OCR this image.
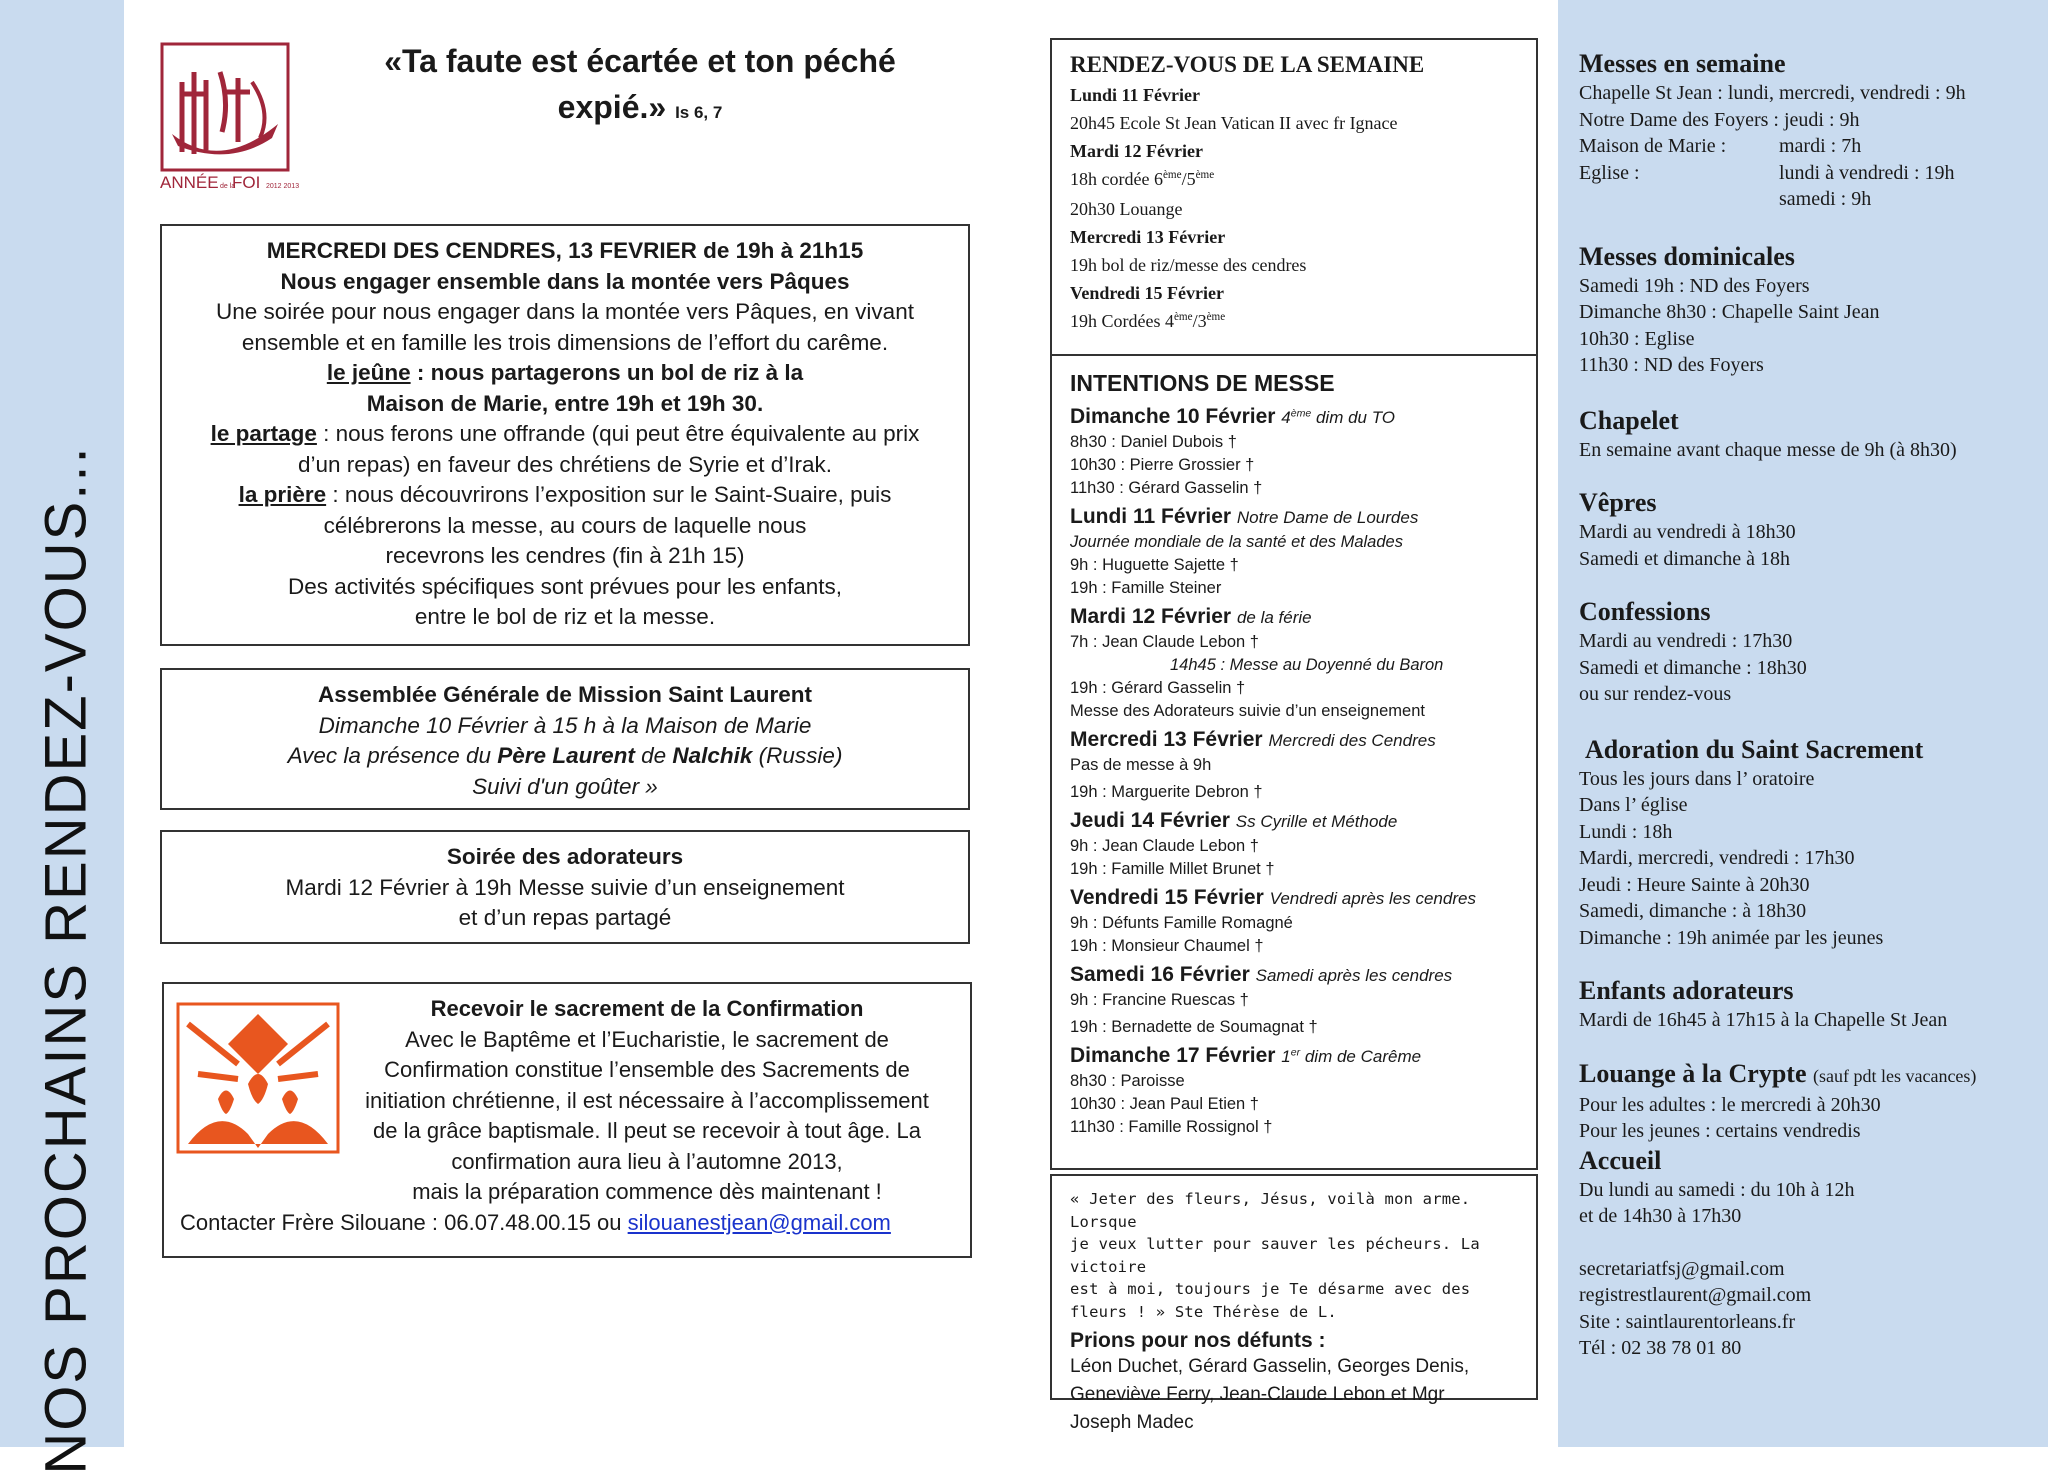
NOS PROCHAINS RENDEZ-VOUS...
ANNÉE de la
FOI 2012 2013
«Ta faute est écartée et ton péché
expié.» Is 6, 7
MERCREDI DES CENDRES, 13 FEVRIER de 19h à 21h15
Nous engager ensemble dans la montée vers Pâques
Une soirée pour nous engager dans la montée vers Pâques, en vivant
ensemble et en famille les trois dimensions de l’effort du carême.
le jeûne : nous partagerons un bol de riz à la
Maison de Marie, entre 19h et 19h 30.
le partage : nous ferons une offrande (qui peut être équivalente au prix
d’un repas) en faveur des chrétiens de Syrie et d’Irak.
la prière : nous découvrirons l’exposition sur le Saint-Suaire, puis
célébrerons la messe, au cours de laquelle nous
recevrons les cendres (fin à 21h 15)
Des activités spécifiques sont prévues pour les enfants,
entre le bol de riz et la messe.
Assemblée Générale de Mission Saint Laurent
Dimanche 10 Février à 15 h à la Maison de Marie
Avec la présence du Père Laurent de Nalchik (Russie)
Suivi d'un goûter »
Soirée des adorateurs
Mardi 12 Février à 19h Messe suivie d’un enseignement
et d’un repas partagé
Recevoir le sacrement de la Confirmation
Avec le Baptême et l’Eucharistie, le sacrement de
Confirmation constitue l’ensemble des Sacrements de
initiation chrétienne, il est nécessaire à l’accomplissement
de la grâce baptismale. Il peut se recevoir à tout âge. La
confirmation aura lieu à l’automne 2013,
mais la préparation commence dès maintenant !
Contacter Frère Silouane : 06.07.48.00.15 ou silouanestjean@gmail.com
RENDEZ-VOUS DE LA SEMAINE
Lundi 11 Février
20h45 Ecole St Jean Vatican II avec fr Ignace
Mardi 12 Février
18h cordée 6ème/5ème
20h30 Louange
Mercredi 13 Février
19h bol de riz/messe des cendres
Vendredi 15 Février
19h Cordées 4ème/3ème
INTENTIONS DE MESSE
Dimanche 10 Février 4ème dim du TO
8h30 : Daniel Dubois †
10h30 : Pierre Grossier †
11h30 : Gérard Gasselin †
Lundi 11 Février Notre Dame de Lourdes
Journée mondiale de la santé et des Malades
9h : Huguette Sajette †
19h : Famille Steiner
Mardi 12 Février de la férie
7h : Jean Claude Lebon †
14h45 : Messe au Doyenné du Baron
19h : Gérard Gasselin †
Messe des Adorateurs suivie d’un enseignement
Mercredi 13 Février Mercredi des Cendres
Pas de messe à 9h
19h : Marguerite Debron †
Jeudi 14 Février Ss Cyrille et Méthode
9h : Jean Claude Lebon †
19h : Famille Millet Brunet †
Vendredi 15 Février Vendredi après les cendres
9h : Défunts Famille Romagné
19h : Monsieur Chaumel †
Samedi 16 Février Samedi après les cendres
9h : Francine Ruescas †
19h : Bernadette de Soumagnat †
Dimanche 17 Février 1er dim de Carême
8h30 : Paroisse
10h30 : Jean Paul Etien †
11h30 : Famille Rossignol †
« Jeter des fleurs, Jésus, voilà mon arme. Lorsque
je veux lutter pour sauver les pécheurs. La victoire
est à moi, toujours je Te désarme avec des
fleurs ! » Ste Thérèse de L.
Prions pour nos défunts :
Léon Duchet, Gérard Gasselin, Georges Denis,
Geneviève Ferry, Jean-Claude Lebon et Mgr
Joseph Madec
Messes en semaine
Chapelle St Jean : lundi, mercredi, vendredi : 9h
Notre Dame des Foyers : jeudi : 9h
Maison de Marie :	mardi : 7h
Eglise :	lundi à vendredi : 19h
samedi : 9h
Messes dominicales
Samedi 19h : ND des Foyers
Dimanche 8h30 : Chapelle Saint Jean
10h30 : Eglise
11h30 : ND des Foyers
Chapelet
En semaine avant chaque messe de 9h (à 8h30)
Vêpres
Mardi au vendredi à 18h30
Samedi et dimanche à 18h
Confessions
Mardi au vendredi : 17h30
Samedi et dimanche : 18h30
ou sur rendez-vous
Adoration du Saint Sacrement
Tous les jours dans l’ oratoire
Dans l’ église
Lundi : 18h
Mardi, mercredi, vendredi : 17h30
Jeudi : Heure Sainte à 20h30
Samedi, dimanche : à 18h30
Dimanche : 19h animée par les jeunes
Enfants adorateurs
Mardi de 16h45 à 17h15 à la Chapelle St Jean
Louange à la Crypte (sauf pdt les vacances)
Pour les adultes : le mercredi à 20h30
Pour les jeunes : certains vendredis
Accueil
Du lundi au samedi : du 10h à 12h
et de 14h30 à 17h30
secretariatfsj@gmail.com
registrestlaurent@gmail.com
Site : saintlaurentorleans.fr
Tél : 02 38 78 01 80
